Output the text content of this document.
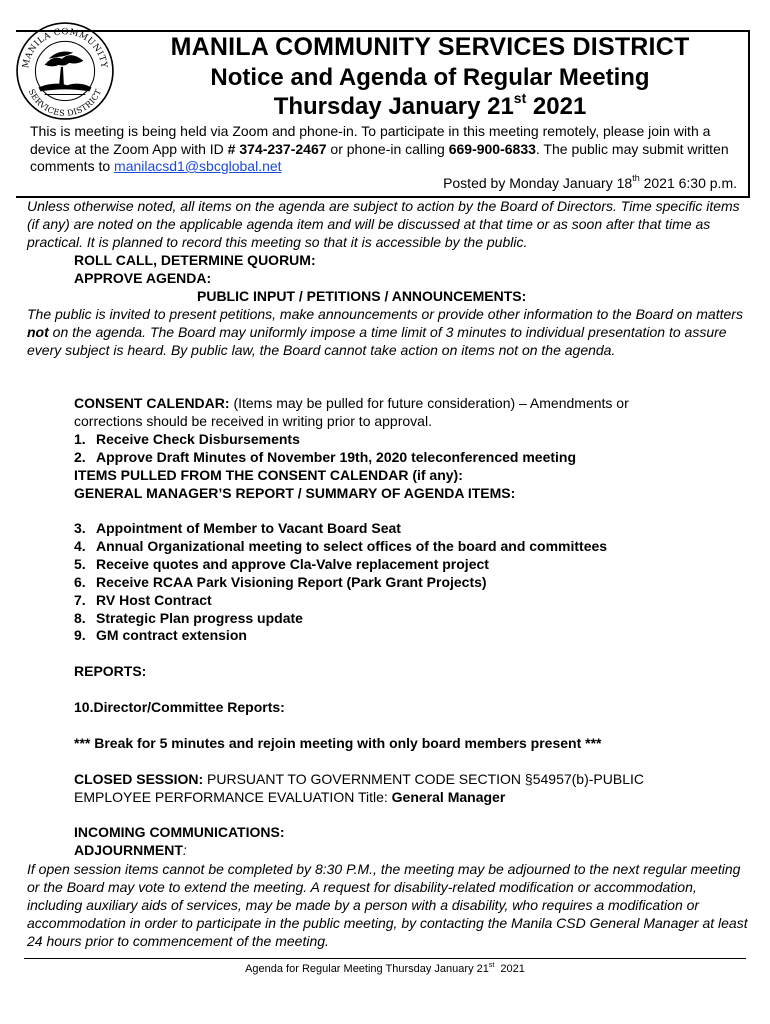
MANILA COMMUNITY
SERVICES DISTRICT
MANILA COMMUNITY SERVICES DISTRICT
Notice and Agenda of Regular Meeting
Thursday January 21st 2021
This is meeting is being held via Zoom and phone-in. To participate in this meeting remotely, please join with a device at the Zoom App with ID # 374-237-2467 or phone-in calling 669-900-6833. The public may submit written comments to manilacsd1@sbcglobal.net
Posted by Monday January 18th 2021 6:30 p.m.
Unless otherwise noted, all items on the agenda are subject to action by the Board of Directors. Time specific items (if any) are noted on the applicable agenda item and will be discussed at that time or as soon after that time as practical. It is planned to record this meeting so that it is accessible by the public.
ROLL CALL, DETERMINE QUORUM:
APPROVE AGENDA:
PUBLIC INPUT / PETITIONS / ANNOUNCEMENTS:
The public is invited to present petitions, make announcements or provide other information to the Board on matters not on the agenda. The Board may uniformly impose a time limit of 3 minutes to individual presentation to assure every subject is heard. By public law, the Board cannot take action on items not on the agenda.
CONSENT CALENDAR: (Items may be pulled for future consideration) – Amendments or
corrections should be received in writing prior to approval.
1. Receive Check Disbursements
2. Approve Draft Minutes of November 19th, 2020 teleconferenced meeting
ITEMS PULLED FROM THE CONSENT CALENDAR (if any):
GENERAL MANAGER’S REPORT / SUMMARY OF AGENDA ITEMS:
3. Appointment of Member to Vacant Board Seat
4. Annual Organizational meeting to select offices of the board and committees
5. Receive quotes and approve Cla-Valve replacement project
6. Receive RCAA Park Visioning Report (Park Grant Projects)
7. RV Host Contract
8. Strategic Plan progress update
9. GM contract extension
REPORTS:
10.Director/Committee Reports:
*** Break for 5 minutes and rejoin meeting with only board members present ***
CLOSED SESSION: PURSUANT TO GOVERNMENT CODE SECTION §54957(b)-PUBLIC
EMPLOYEE PERFORMANCE EVALUATION Title: General Manager
INCOMING COMMUNICATIONS:
ADJOURNMENT:
If open session items cannot be completed by 8:30 P.M., the meeting may be adjourned to the next regular meeting or the Board may vote to extend the meeting. A request for disability-related modification or accommodation, including auxiliary aids of services, may be made by a person with a disability, who requires a modification or accommodation in order to participate in the public meeting, by contacting the Manila CSD General Manager at least 24 hours prior to commencement of the meeting.
Agenda for Regular Meeting Thursday January 21st  2021
